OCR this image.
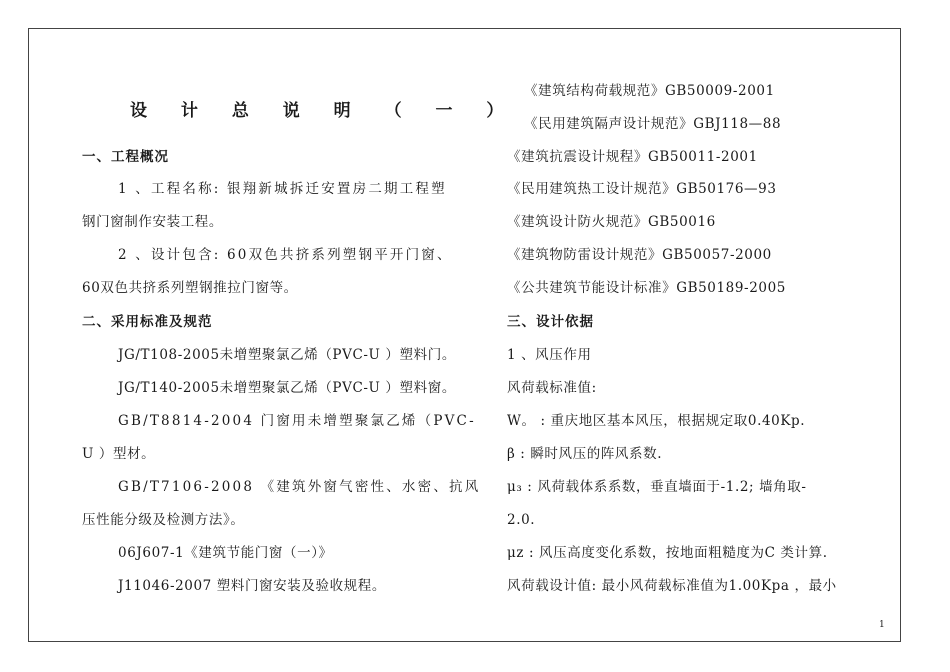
设 计 总 说 明 （ 一 ）
一、工程概况
1 、工程名称: 银翔新城拆迁安置房二期工程塑
钢门窗制作安装工程。
2 、设计包含: 60双色共挤系列塑钢平开门窗、
60双色共挤系列塑钢推拉门窗等。
二、采用标准及规范
JG/T108-2005未增塑聚氯乙烯（PVC-U ）塑料门。
JG/T140-2005未增塑聚氯乙烯（PVC-U ）塑料窗。
GB/T8814-2004 门窗用未增塑聚氯乙烯（PVC-
U ）型材。
GB/T7106-2008 《建筑外窗气密性、水密、抗风
压性能分级及检测方法》。
06J607-1《建筑节能门窗（一）》
J11046-2007 塑料门窗安装及验收规程。
《建筑结构荷载规范》GB50009-2001
《民用建筑隔声设计规范》GBJ118—88
《建筑抗震设计规程》GB50011-2001
《民用建筑热工设计规范》GB50176—93
《建筑设计防火规范》GB50016
《建筑物防雷设计规范》GB50057-2000
《公共建筑节能设计标准》GB50189-2005
三、设计依据
1 、风压作用
风荷载标准值:
W。 : 重庆地区基本风压，根据规定取0.40Kp.
β : 瞬时风压的阵风系数.
μ₃ : 风荷载体系系数，垂直墙面于-1.2; 墙角取-
2.0.
μz : 风压高度变化系数，按地面粗糙度为C 类计算.
风荷载设计值: 最小风荷载标准值为1.00Kpa ，最小
1
